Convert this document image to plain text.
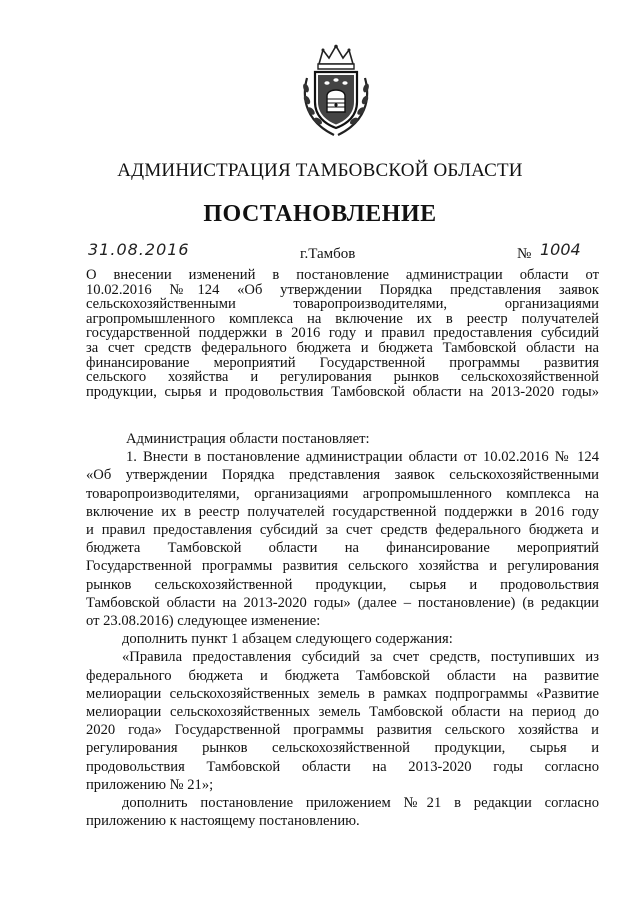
АДМИНИСТРАЦИЯ ТАМБОВСКОЙ ОБЛАСТИ
ПОСТАНОВЛЕНИЕ
31.08.2016	г.Тамбов	№ 1004
О внесении изменений в постановление администрации области от
10.02.2016 №124 «Об утверждении Порядка представления заявок
сельскохозяйственными товаропроизводителями, организациями
агропромышленного комплекса на включение их в реестр получателей
государственной поддержки в 2016 году и правил предоставления субсидий
за счет средств федерального бюджета и бюджета Тамбовской области на
финансирование мероприятий Государственной программы развития
сельского хозяйства и регулирования рынков сельскохозяйственной
продукции, сырья и продовольствия Тамбовской области на 2013-2020 годы»
Администрация области постановляет:
1. Внести в постановление администрации области от 10.02.2016 № 124
«Об утверждении Порядка представления заявок сельскохозяйственными
товаропроизводителями, организациями агропромышленного комплекса на
включение их в реестр получателей государственной поддержки в 2016 году
и правил предоставления субсидий за счет средств федерального бюджета и
бюджета Тамбовской области на финансирование мероприятий
Государственной программы развития сельского хозяйства и регулирования
рынков сельскохозяйственной продукции, сырья и продовольствия
Тамбовской области на 2013-2020 годы» (далее – постановление) (в редакции
от 23.08.2016) следующее изменение:
дополнить пункт 1 абзацем следующего содержания:
«Правила предоставления субсидий за счет средств, поступивших из
федерального бюджета и бюджета Тамбовской области на развитие
мелиорации сельскохозяйственных земель в рамках подпрограммы «Развитие
мелиорации сельскохозяйственных земель Тамбовской области на период до
2020 года» Государственной программы развития сельского хозяйства и
регулирования рынков сельскохозяйственной продукции, сырья и
продовольствия Тамбовской области на 2013-2020 годы согласно
приложению № 21»;
дополнить постановление приложением №21 в редакции согласно
приложению к настоящему постановлению.
